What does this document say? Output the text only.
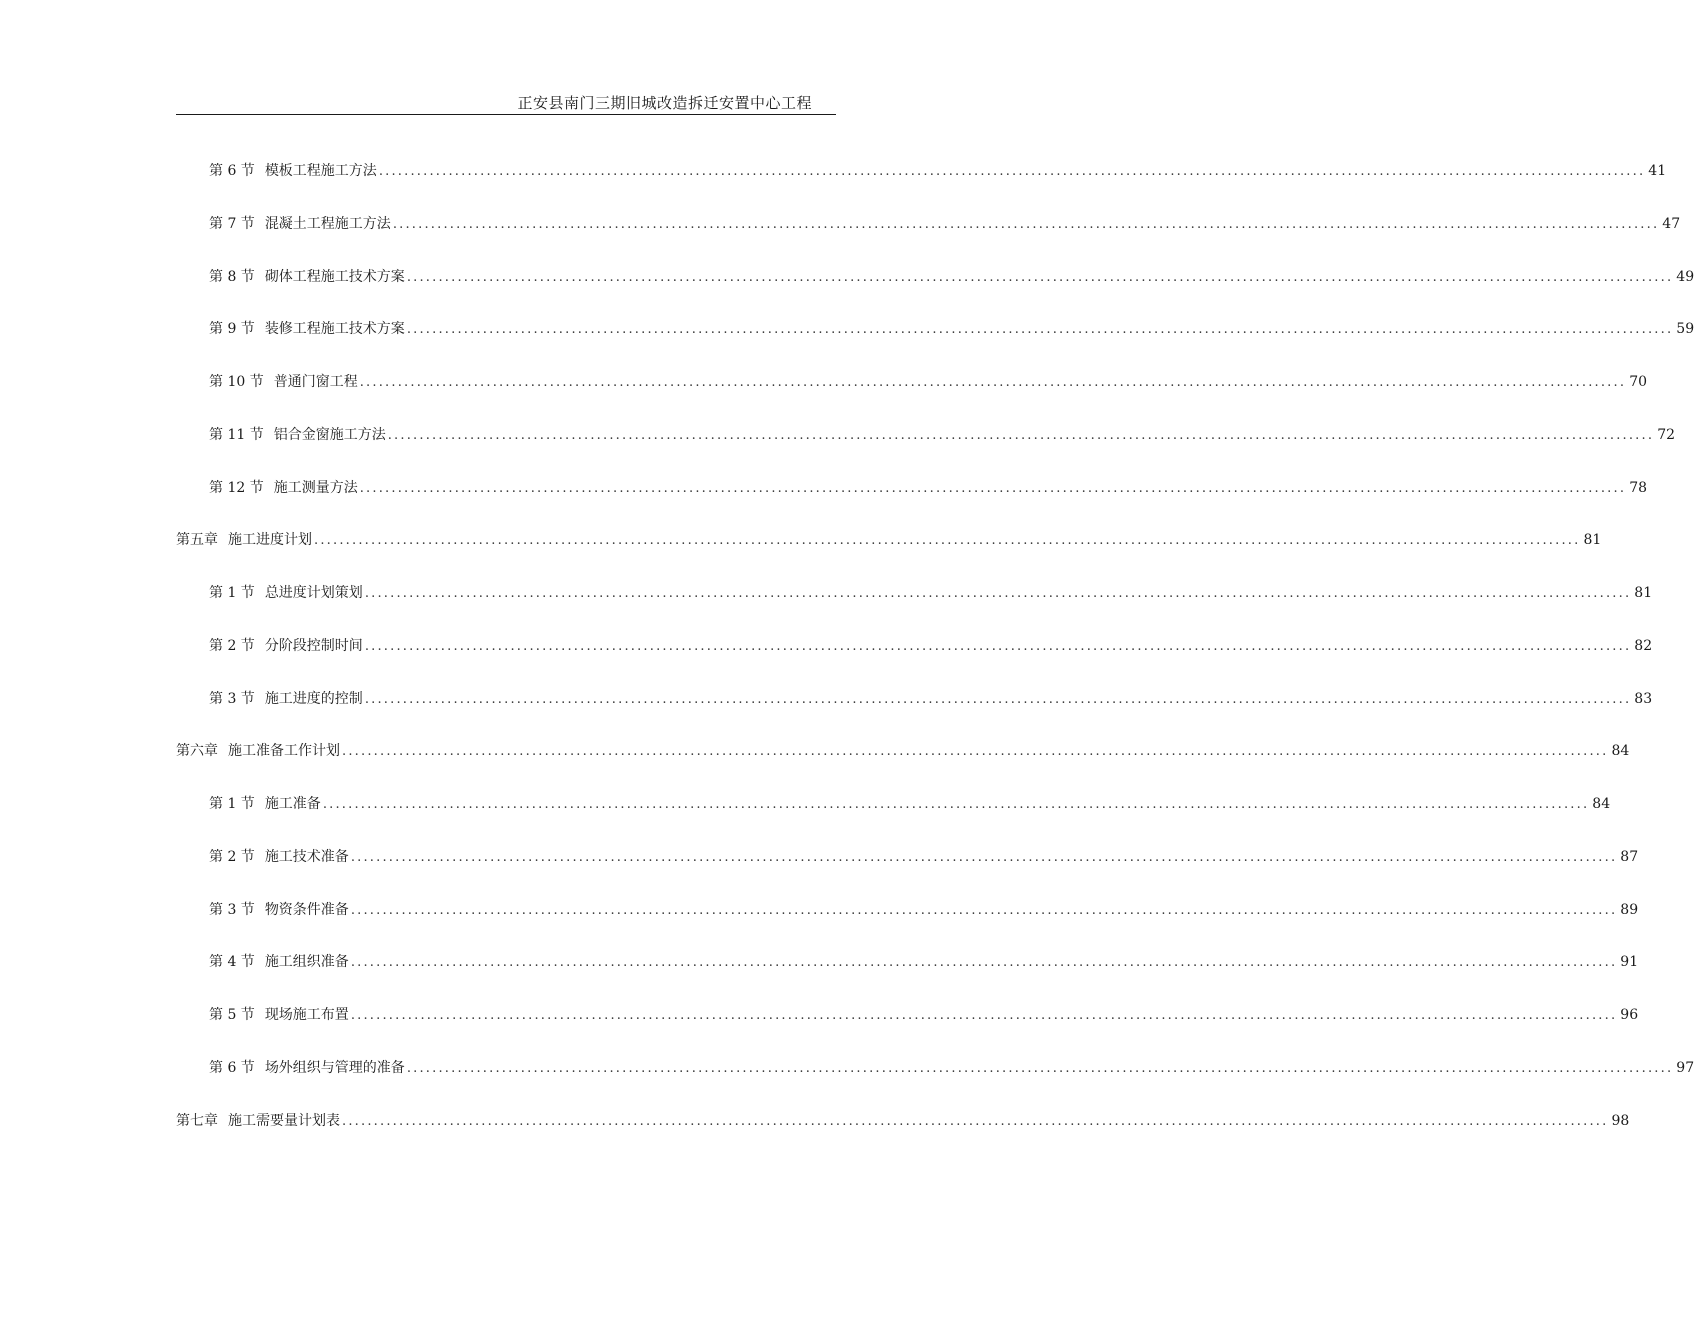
正安县南门三期旧城改造拆迁安置中心工程
第 6 节 模板工程施工方法 ........................................................................................................................................................................................................ 41
第 7 节 混凝土工程施工方法 ........................................................................................................................................................................................................ 47
第 8 节 砌体工程施工技术方案 ........................................................................................................................................................................................................ 49
第 9 节 装修工程施工技术方案 ........................................................................................................................................................................................................ 59
第 10 节 普通门窗工程 ........................................................................................................................................................................................................ 70
第 11 节 铝合金窗施工方法 ........................................................................................................................................................................................................ 72
第 12 节 施工测量方法 ........................................................................................................................................................................................................ 78
第五章 施工进度计划 ........................................................................................................................................................................................................ 81
第 1 节 总进度计划策划 ........................................................................................................................................................................................................ 81
第 2 节 分阶段控制时间 ........................................................................................................................................................................................................ 82
第 3 节 施工进度的控制 ........................................................................................................................................................................................................ 83
第六章 施工准备工作计划 ........................................................................................................................................................................................................ 84
第 1 节 施工准备 ........................................................................................................................................................................................................ 84
第 2 节 施工技术准备 ........................................................................................................................................................................................................ 87
第 3 节 物资条件准备 ........................................................................................................................................................................................................ 89
第 4 节 施工组织准备 ........................................................................................................................................................................................................ 91
第 5 节 现场施工布置 ........................................................................................................................................................................................................ 96
第 6 节 场外组织与管理的准备 ........................................................................................................................................................................................................ 97
第七章 施工需要量计划表 ........................................................................................................................................................................................................ 98
